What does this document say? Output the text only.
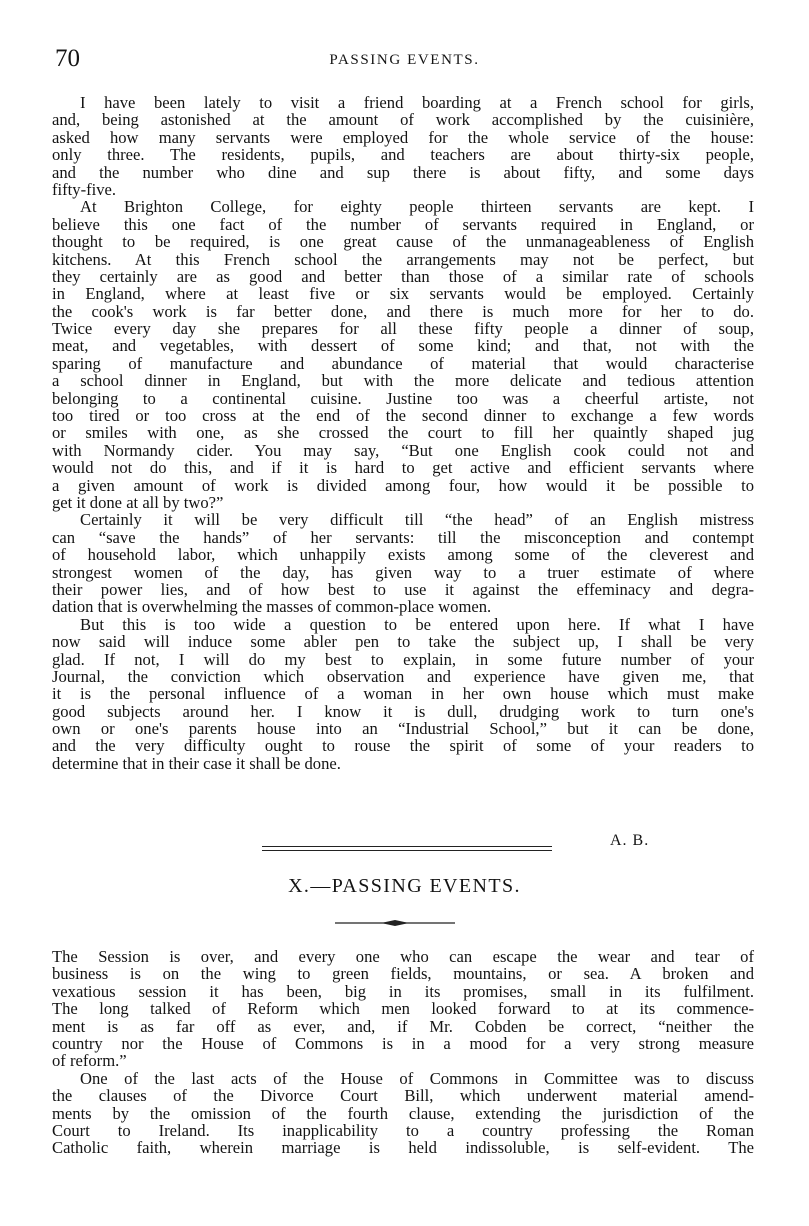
70	PASSING EVENTS.
I have been lately to visit a friend boarding at a French school for girls,
and, being astonished at the amount of work accomplished by the cuisinière,
asked how many servants were employed for the whole service of the house:
only three. The residents, pupils, and teachers are about thirty-six people,
and the number who dine and sup there is about fifty, and some days
fifty-five.
At Brighton College, for eighty people thirteen servants are kept. I
believe this one fact of the number of servants required in England, or
thought to be required, is one great cause of the unmanageableness of English
kitchens. At this French school the arrangements may not be perfect, but
they certainly are as good and better than those of a similar rate of schools
in England, where at least five or six servants would be employed. Certainly
the cook's work is far better done, and there is much more for her to do.
Twice every day she prepares for all these fifty people a dinner of soup,
meat, and vegetables, with dessert of some kind; and that, not with the
sparing of manufacture and abundance of material that would characterise
a school dinner in England, but with the more delicate and tedious attention
belonging to a continental cuisine. Justine too was a cheerful artiste, not
too tired or too cross at the end of the second dinner to exchange a few words
or smiles with one, as she crossed the court to fill her quaintly shaped jug
with Normandy cider. You may say, “But one English cook could not and
would not do this, and if it is hard to get active and efficient servants where
a given amount of work is divided among four, how would it be possible to
get it done at all by two?”
Certainly it will be very difficult till “the head” of an English mistress
can “save the hands” of her servants: till the misconception and contempt
of household labor, which unhappily exists among some of the cleverest and
strongest women of the day, has given way to a truer estimate of where
their power lies, and of how best to use it against the effeminacy and degra-
dation that is overwhelming the masses of common-place women.
But this is too wide a question to be entered upon here. If what I have
now said will induce some abler pen to take the subject up, I shall be very
glad. If not, I will do my best to explain, in some future number of your
Journal, the conviction which observation and experience have given me, that
it is the personal influence of a woman in her own house which must make
good subjects around her. I know it is dull, drudging work to turn one's
own or one's parents house into an “Industrial School,” but it can be done,
and the very difficulty ought to rouse the spirit of some of your readers to
determine that in their case it shall be done.
A. B.
X.—PASSING EVENTS.
The Session is over, and every one who can escape the wear and tear of
business is on the wing to green fields, mountains, or sea. A broken and
vexatious session it has been, big in its promises, small in its fulfilment.
The long talked of Reform which men looked forward to at its commence-
ment is as far off as ever, and, if Mr. Cobden be correct, “neither the
country nor the House of Commons is in a mood for a very strong measure
of reform.”
One of the last acts of the House of Commons in Committee was to discuss
the clauses of the Divorce Court Bill, which underwent material amend-
ments by the omission of the fourth clause, extending the jurisdiction of the
Court to Ireland. Its inapplicability to a country professing the Roman
Catholic faith, wherein marriage is held indissoluble, is self-evident. The
